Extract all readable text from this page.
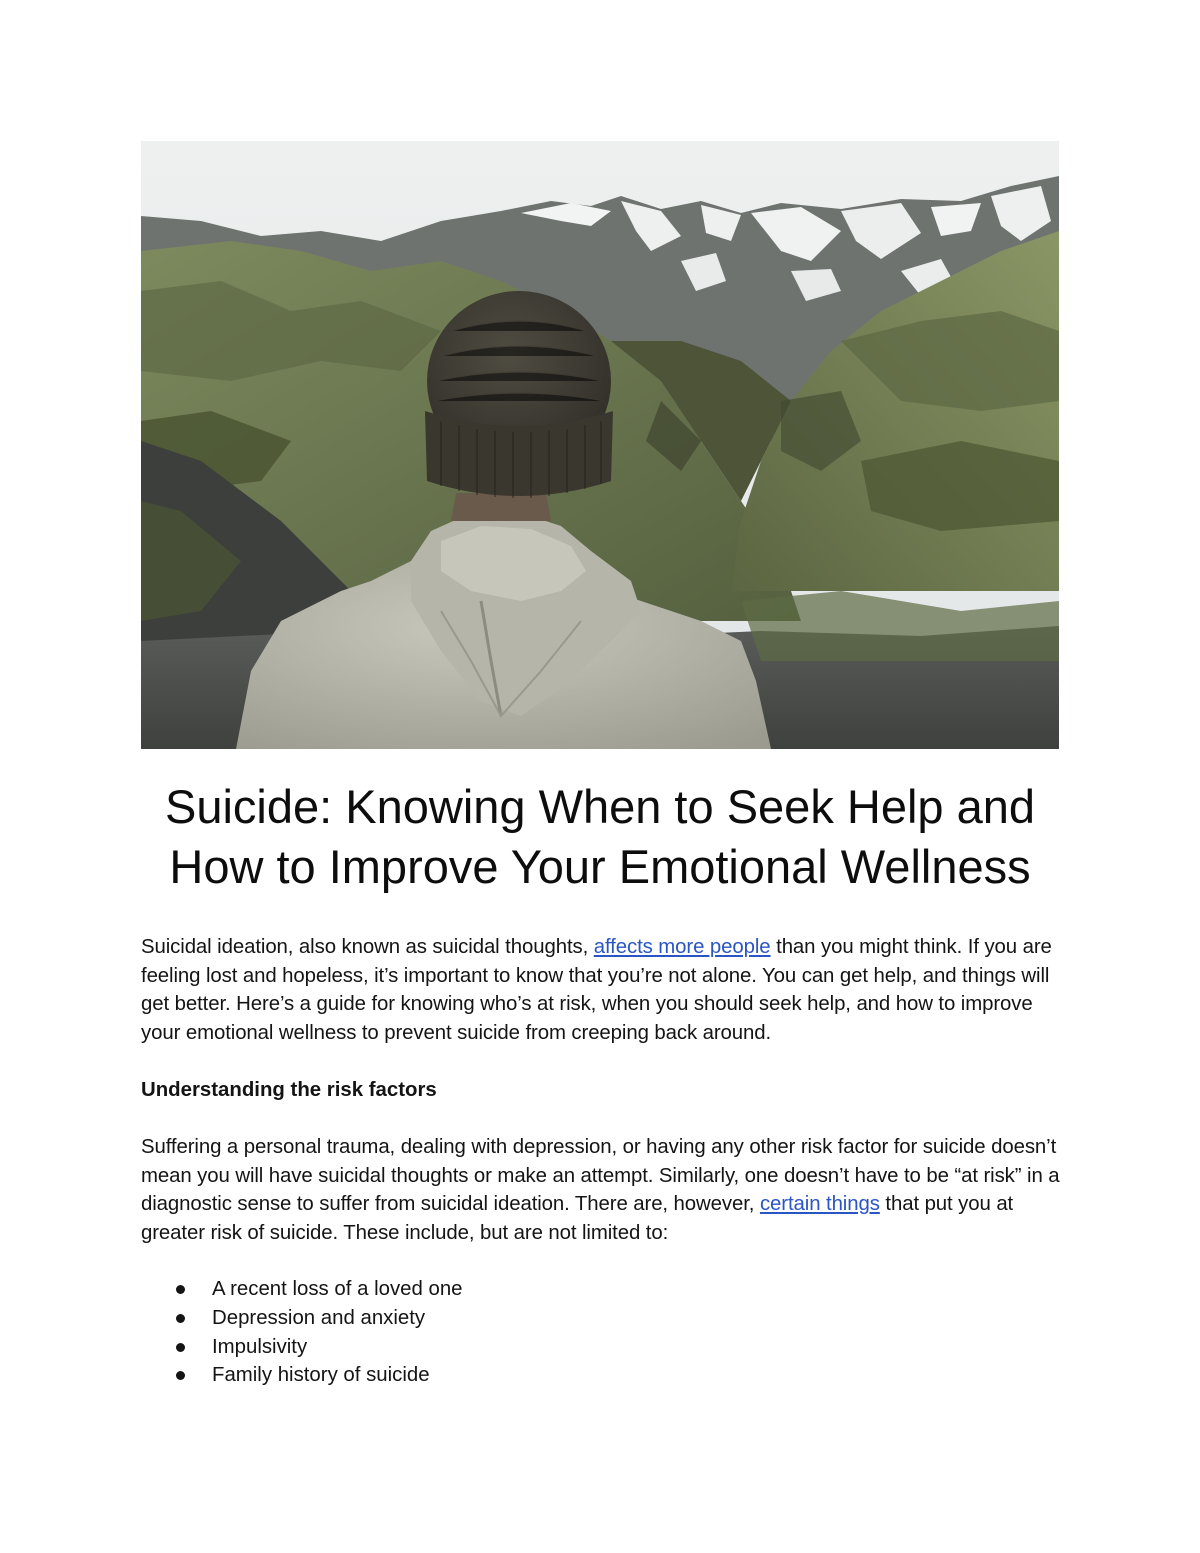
Suicide: Knowing When to Seek Help and
How to Improve Your Emotional Wellness

Suicidal ideation, also known as suicidal thoughts, affects more people than you might think. If you are feeling lost and hopeless, it’s important to know that you’re not alone. You can get help, and things will get better. Here’s a guide for knowing who’s at risk, when you should seek help, and how to improve your emotional wellness to prevent suicide from creeping back around.

Understanding the risk factors

Suffering a personal trauma, dealing with depression, or having any other risk factor for suicide doesn’t mean you will have suicidal thoughts or make an attempt. Similarly, one doesn’t have to be “at risk” in a diagnostic sense to suffer from suicidal ideation. There are, however, certain things that put you at greater risk of suicide. These include, but are not limited to:

A recent loss of a loved one
Depression and anxiety
Impulsivity
Family history of suicide
